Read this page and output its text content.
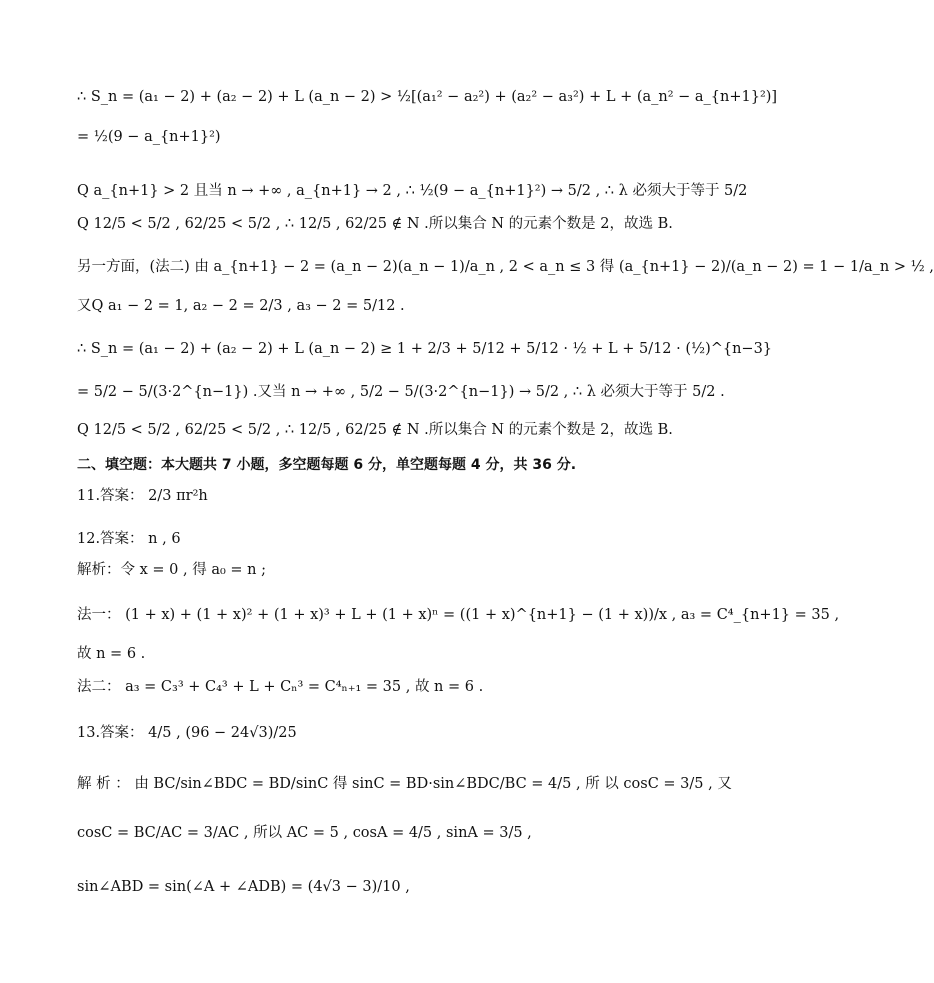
∴ S_n = (a₁ − 2) + (a₂ − 2) + L (a_n − 2) > ½[(a₁² − a₂²) + (a₂² − a₃²) + L + (a_n² − a_{n+1}²)]
= ½(9 − a_{n+1}²)
Q a_{n+1} > 2 且当 n → +∞ , a_{n+1} → 2 , ∴ ½(9 − a_{n+1}²) → 5/2 , ∴ λ 必须大于等于 5/2
Q 12/5 < 5/2 , 62/25 < 5/2 , ∴ 12/5 , 62/25 ∉ N .所以集合 N 的元素个数是 2，故选 B.
另一方面，(法二) 由 a_{n+1} − 2 = (a_n − 2)(a_n − 1)/a_n , 2 < a_n ≤ 3 得 (a_{n+1} − 2)/(a_n − 2) = 1 − 1/a_n > ½ ,
又Q a₁ − 2 = 1, a₂ − 2 = 2/3 , a₃ − 2 = 5/12 .
∴ S_n = (a₁ − 2) + (a₂ − 2) + L (a_n − 2) ≥ 1 + 2/3 + 5/12 + 5/12 · ½ + L + 5/12 · (½)^{n−3}
= 5/2 − 5/(3·2^{n−1}) .又当 n → +∞ , 5/2 − 5/(3·2^{n−1}) → 5/2 , ∴ λ 必须大于等于 5/2 .
Q 12/5 < 5/2 , 62/25 < 5/2 , ∴ 12/5 , 62/25 ∉ N .所以集合 N 的元素个数是 2，故选 B.
二、填空题：本大题共 7 小题，多空题每题 6 分，单空题每题 4 分，共 36 分.
11.答案： 2/3 πr²h
12.答案： n , 6
解析：令 x = 0 , 得 a₀ = n ;
法一： (1 + x) + (1 + x)² + (1 + x)³ + L + (1 + x)ⁿ = ((1 + x)^{n+1} − (1 + x))/x , a₃ = C⁴_{n+1} = 35 ,
故 n = 6 .
法二： a₃ = C₃³ + C₄³ + L + Cₙ³ = C⁴ₙ₊₁ = 35 , 故 n = 6 .
13.答案： 4/5 , (96 − 24√3)/25
解 析 ： 由 BC/sin∠BDC = BD/sinC 得 sinC = BD·sin∠BDC/BC = 4/5 , 所 以 cosC = 3/5 , 又
cosC = BC/AC = 3/AC , 所以 AC = 5 , cosA = 4/5 , sinA = 3/5 ,
sin∠ABD = sin(∠A + ∠ADB) = (4√3 − 3)/10 ,
